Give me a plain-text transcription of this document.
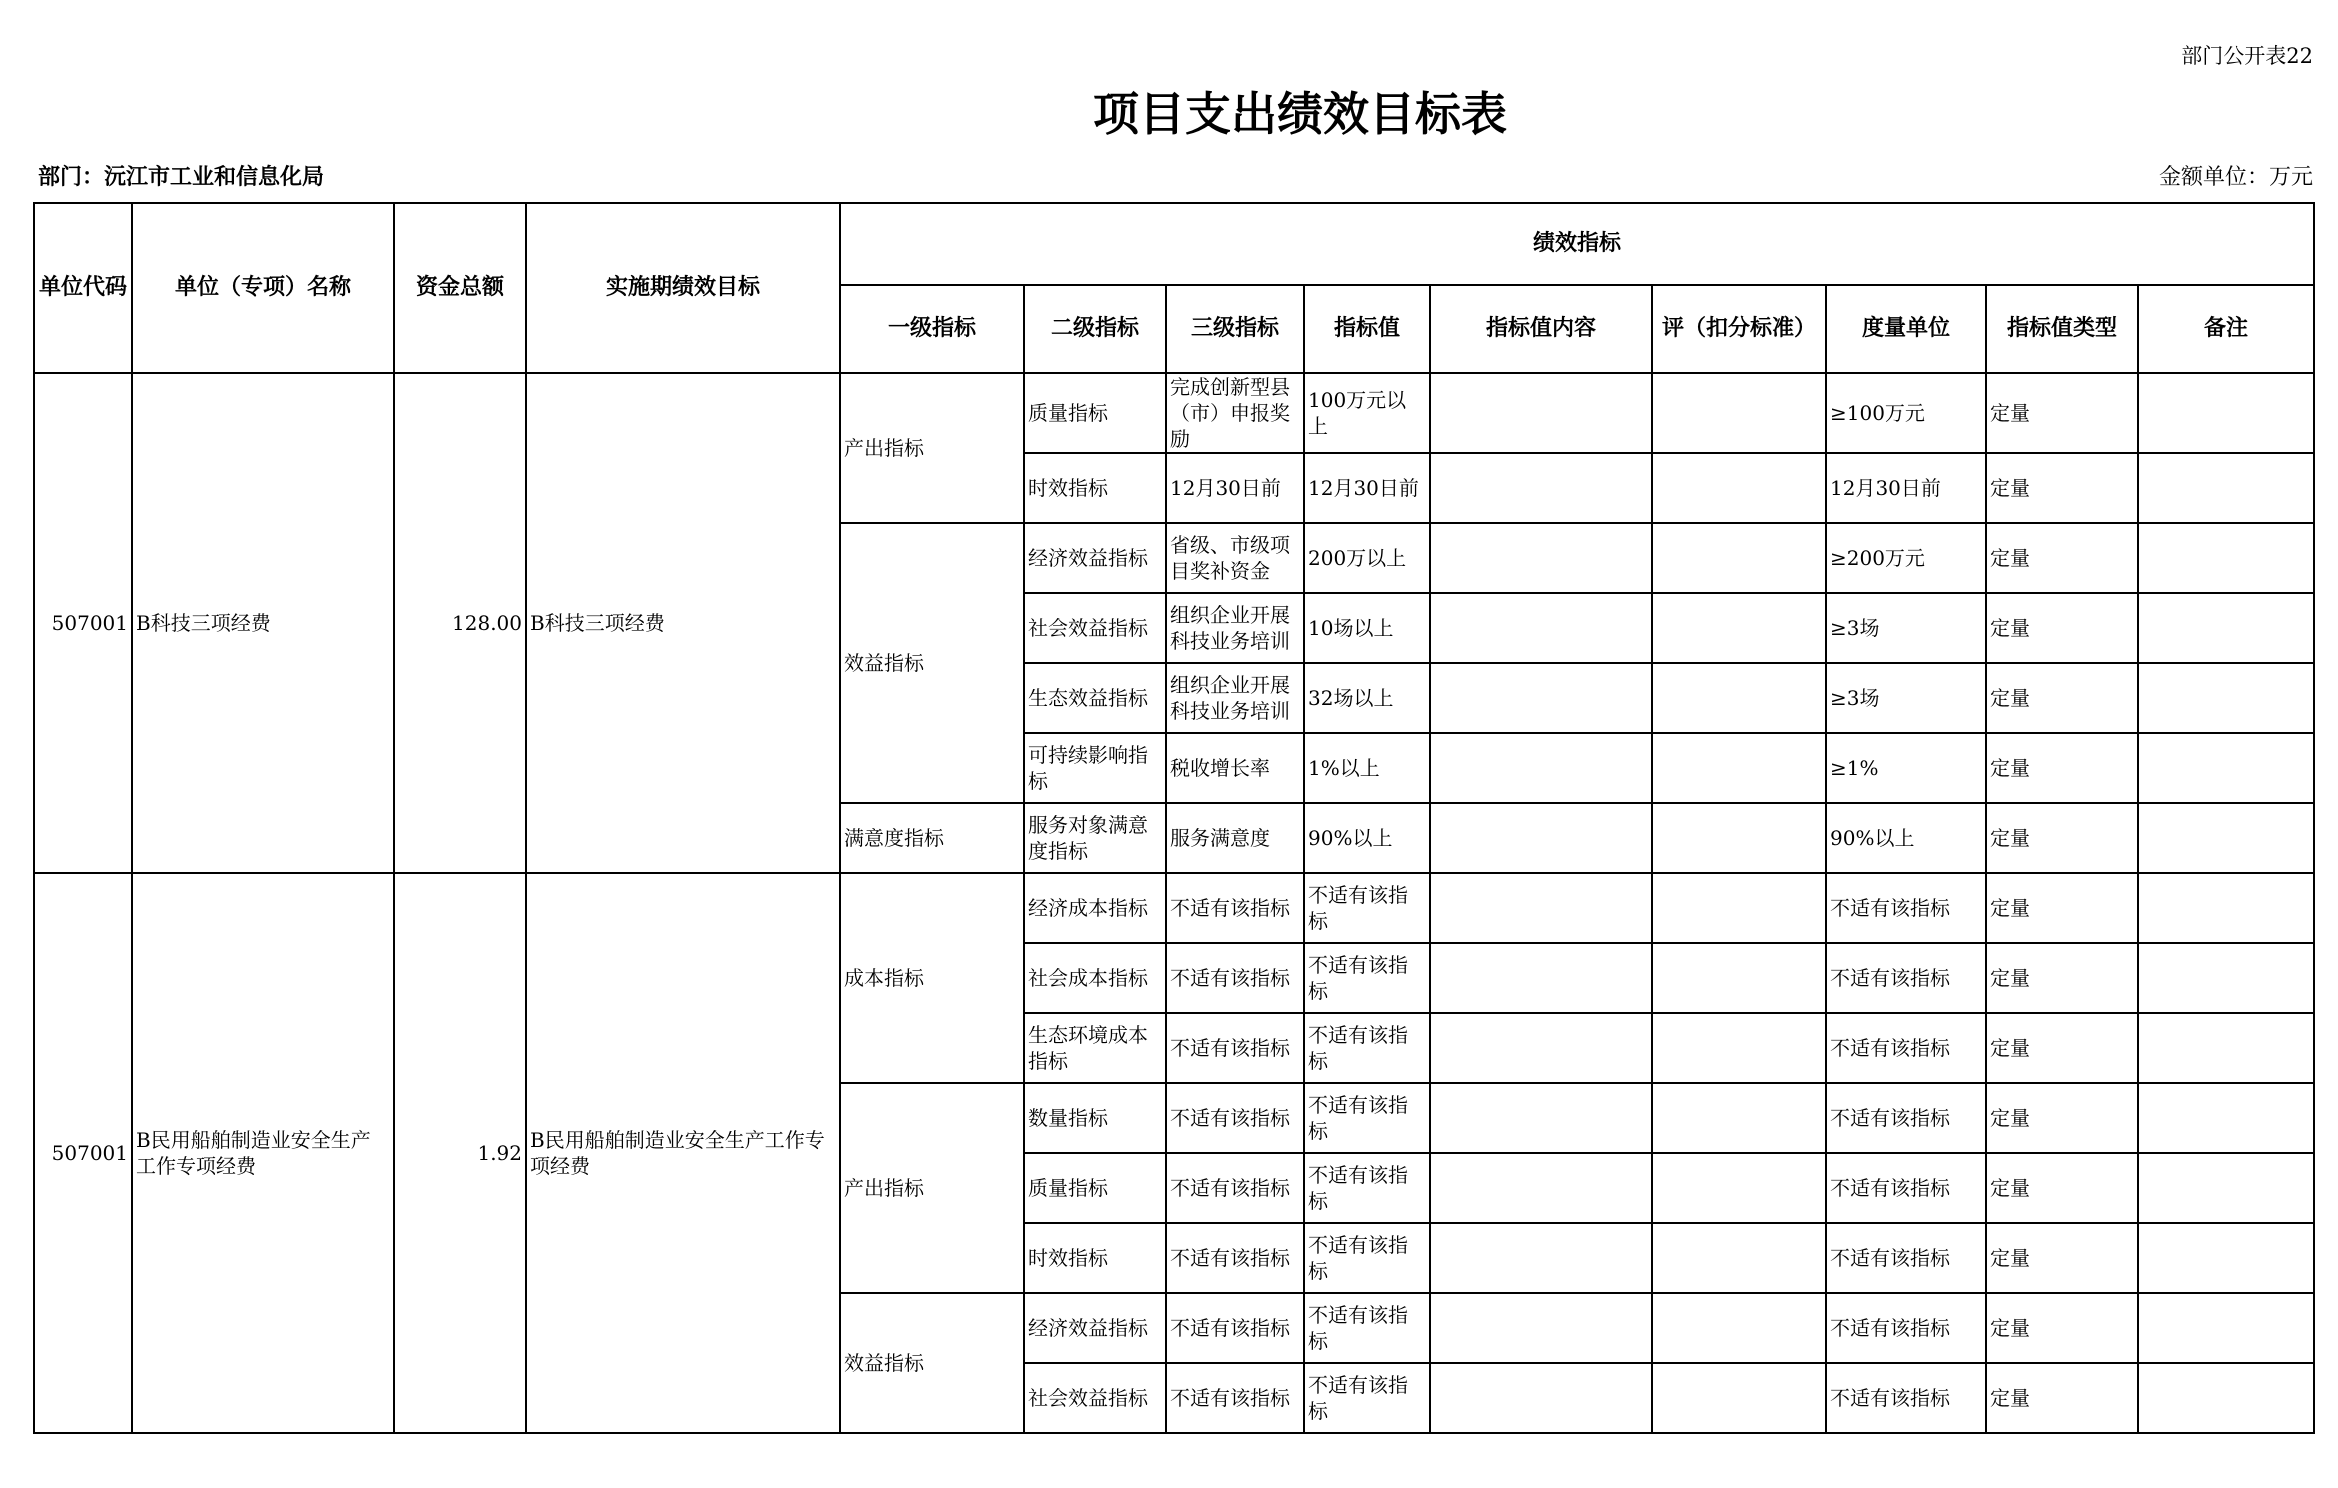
部门公开表22
项目支出绩效目标表
部门：沅江市工业和信息化局	金额单位：万元
单位代码	单位（专项）名称	资金总额	实施期绩效目标	绩效指标								
				一级指标	二级指标	三级指标	指标值	指标值内容	评（扣分标准）	度量单位	指标值类型	备注
507001	B科技三项经费	128.00	B科技三项经费	产出指标	质量指标	完成创新型县（市）申报奖励	100万元以上			≥100万元	定量	
					时效指标	12月30日前	12月30日前			12月30日前	定量	
				效益指标	经济效益指标	省级、市级项目奖补资金	200万以上			≥200万元	定量	
					社会效益指标	组织企业开展科技业务培训	10场以上			≥3场	定量	
					生态效益指标	组织企业开展科技业务培训	32场以上			≥3场	定量	
					可持续影响指标	税收增长率	1%以上			≥1%	定量	
				满意度指标	服务对象满意度指标	服务满意度	90%以上			90%以上	定量	
507001	B民用船舶制造业安全生产工作专项经费	1.92	B民用船舶制造业安全生产工作专项经费	成本指标	经济成本指标	不适有该指标	不适有该指标			不适有该指标	定量	
					社会成本指标	不适有该指标	不适有该指标			不适有该指标	定量	
					生态环境成本指标	不适有该指标	不适有该指标			不适有该指标	定量	
				产出指标	数量指标	不适有该指标	不适有该指标			不适有该指标	定量	
					质量指标	不适有该指标	不适有该指标			不适有该指标	定量	
					时效指标	不适有该指标	不适有该指标			不适有该指标	定量	
				效益指标	经济效益指标	不适有该指标	不适有该指标			不适有该指标	定量	
					社会效益指标	不适有该指标	不适有该指标			不适有该指标	定量	
